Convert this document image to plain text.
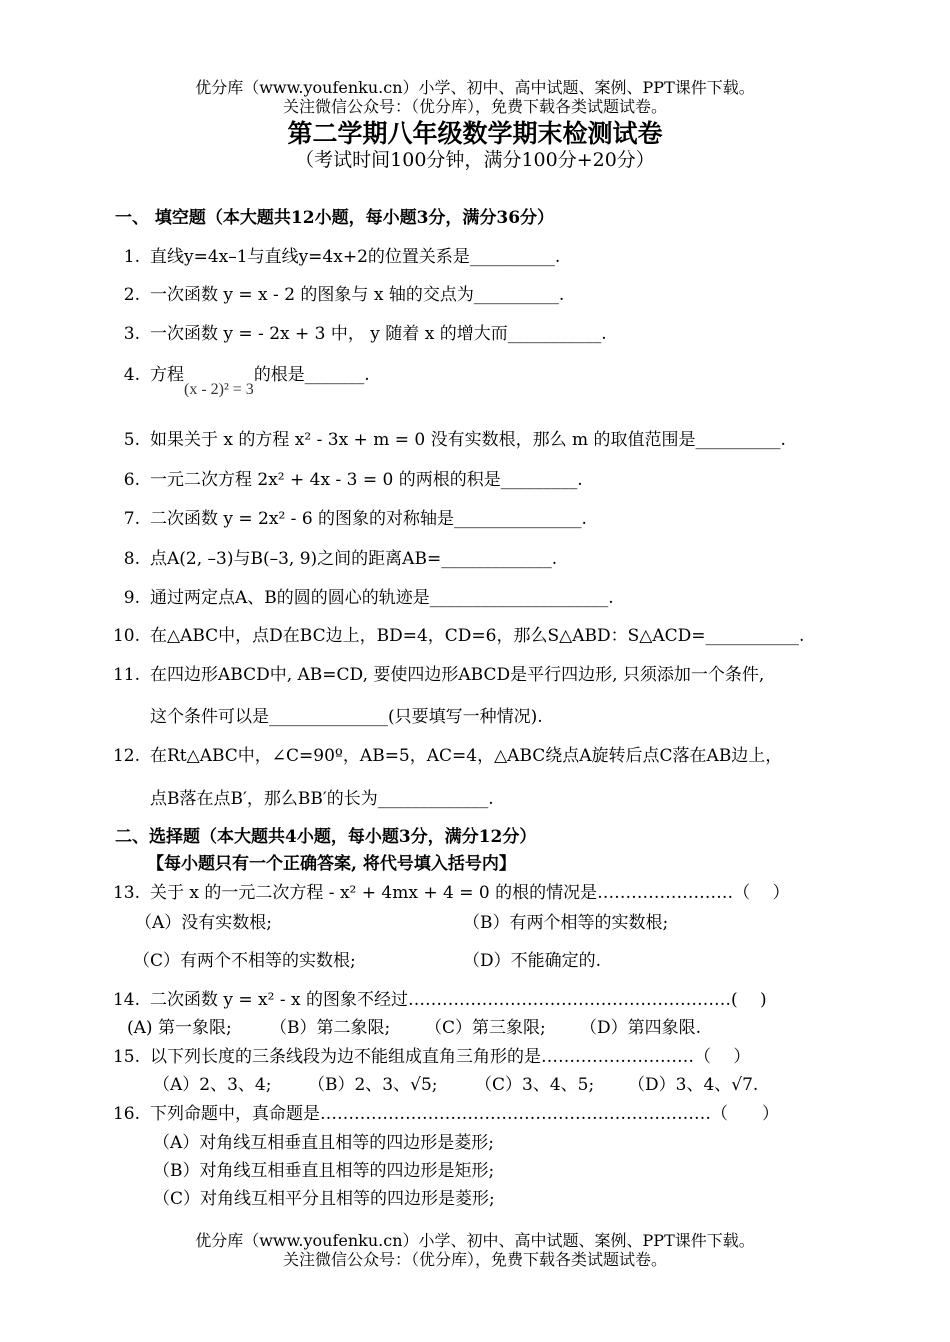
优分库（www.youfenku.cn）小学、初中、高中试题、案例、PPT课件下载。
关注微信公众号：（优分库），免费下载各类试题试卷。
第二学期八年级数学期末检测试卷
（考试时间100分钟，满分100分+20分）
一、 填空题（本大题共12小题，每小题3分，满分36分）
1. 直线y=4x–1与直线y=4x+2的位置关系是__________.
2. 一次函数 y = x - 2 的图象与 x 轴的交点为__________.
3. 一次函数 y = - 2x + 3 中， y 随着 x 的增大而___________.
4. 方程(x - 2)² = 3的根是_______.
5. 如果关于 x 的方程 x² - 3x + m = 0 没有实数根，那么 m 的取值范围是__________.
6. 一元二次方程 2x² + 4x - 3 = 0 的两根的积是_________.
7. 二次函数 y = 2x² - 6 的图象的对称轴是_______________.
8. 点A(2, –3)与B(–3, 9)之间的距离AB=_____________.
9. 通过两定点A、B的圆的圆心的轨迹是_____________________.
10. 在△ABC中，点D在BC边上，BD=4，CD=6，那么S△ABD：S△ACD=___________.
11. 在四边形ABCD中, AB=CD, 要使四边形ABCD是平行四边形, 只须添加一个条件,
这个条件可以是______________(只要填写一种情况).
12. 在Rt△ABC中，∠C=90º，AB=5，AC=4，△ABC绕点A旋转后点C落在AB边上，
点B落在点B′，那么BB′的长为_____________.
二、选择题（本大题共4小题，每小题3分，满分12分）
【每小题只有一个正确答案, 将代号填入括号内】
13. 关于 x 的一元二次方程 - x² + 4mx + 4 = 0 的根的情况是……………………（　 ）
（A）没有实数根;	（B）有两个相等的实数根;
（C）有两个不相等的实数根;	（D）不能确定的.
14. 二次函数 y = x² - x 的图象不经过…………………………………………………(　 )
(A) 第一象限; （B）第二象限; （C）第三象限; （D）第四象限.
15. 以下列长度的三条线段为边不能组成直角三角形的是………………………（　 ）
（A）2、3、4; （B）2、3、√5; （C）3、4、5; （D）3、4、√7.
16. 下列命题中，真命题是……………………………………………………………（　　）
（A）对角线互相垂直且相等的四边形是菱形;
（B）对角线互相垂直且相等的四边形是矩形;
（C）对角线互相平分且相等的四边形是菱形;
优分库（www.youfenku.cn）小学、初中、高中试题、案例、PPT课件下载。
关注微信公众号：（优分库），免费下载各类试题试卷。
